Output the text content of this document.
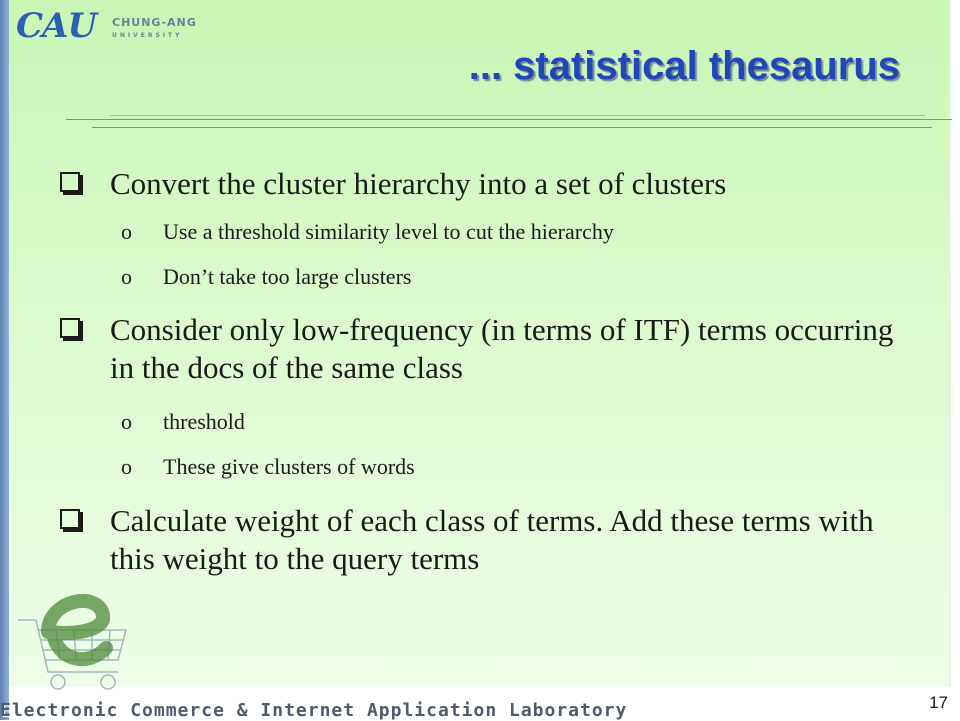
CAU CHUNG-ANG
UNIVERSITY
... statistical thesaurus
Convert the cluster hierarchy into a set of clusters
o Use a threshold similarity level to cut the hierarchy
o Don’t take too large clusters
Consider only low-frequency (in terms of ITF) terms occurring in the docs of the same class
o threshold
o These give clusters of words
Calculate weight of each class of terms. Add these terms with this weight to the query terms
Electronic Commerce & Internet Application Laboratory	17
